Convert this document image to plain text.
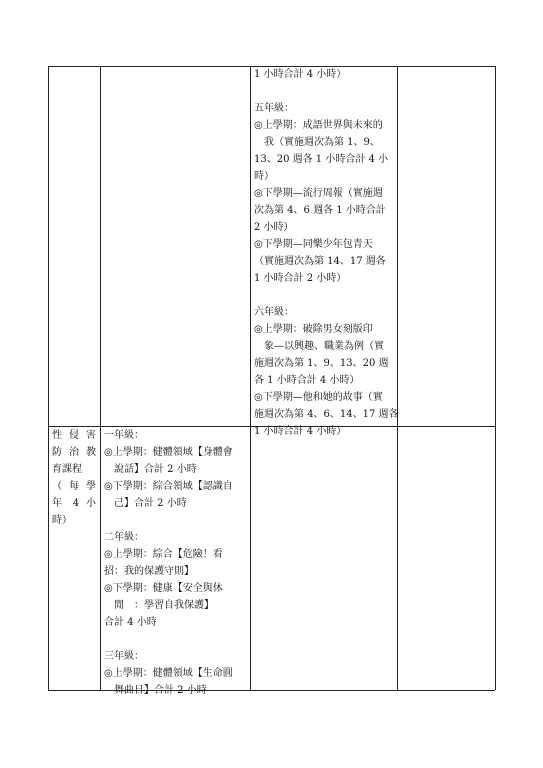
1 小時合計 4 小時）
五年級：
◎上學期：成語世界與未來的
　我（實施週次為第 1、9、
13、20 週各 1 小時合計 4 小
時）
◎下學期—流行周報（實施週
次為第 4、6 週各 1 小時合計
2 小時）
◎下學期—同樂少年包青天
（實施週次為第 14、17 週各
1 小時合計 2 小時）
六年級：
◎上學期：破除男女刻版印
　象—以興趣、職業為例（實
施週次為第 1、9、13、20 週
各 1 小時合計 4 小時）
◎下學期—他和她的故事（實
施週次為第 4、6、14、17 週各
1 小時合計 4 小時）
性侵害
防治教
育課程
（每學
年 4 小
時）
一年級：
◎上學期：健體領域【身體會
　說話】合計 2 小時
◎下學期：綜合領域【認識自
　己】合計 2 小時
二年級：
◎上學期：綜合【危險！看
招：我的保護守則】
◎下學期：健康【安全與休
　閒　：學習自我保護】
合計 4 小時
三年級：
◎上學期：健體領域【生命圓
　舞曲日】合計 2 小時
